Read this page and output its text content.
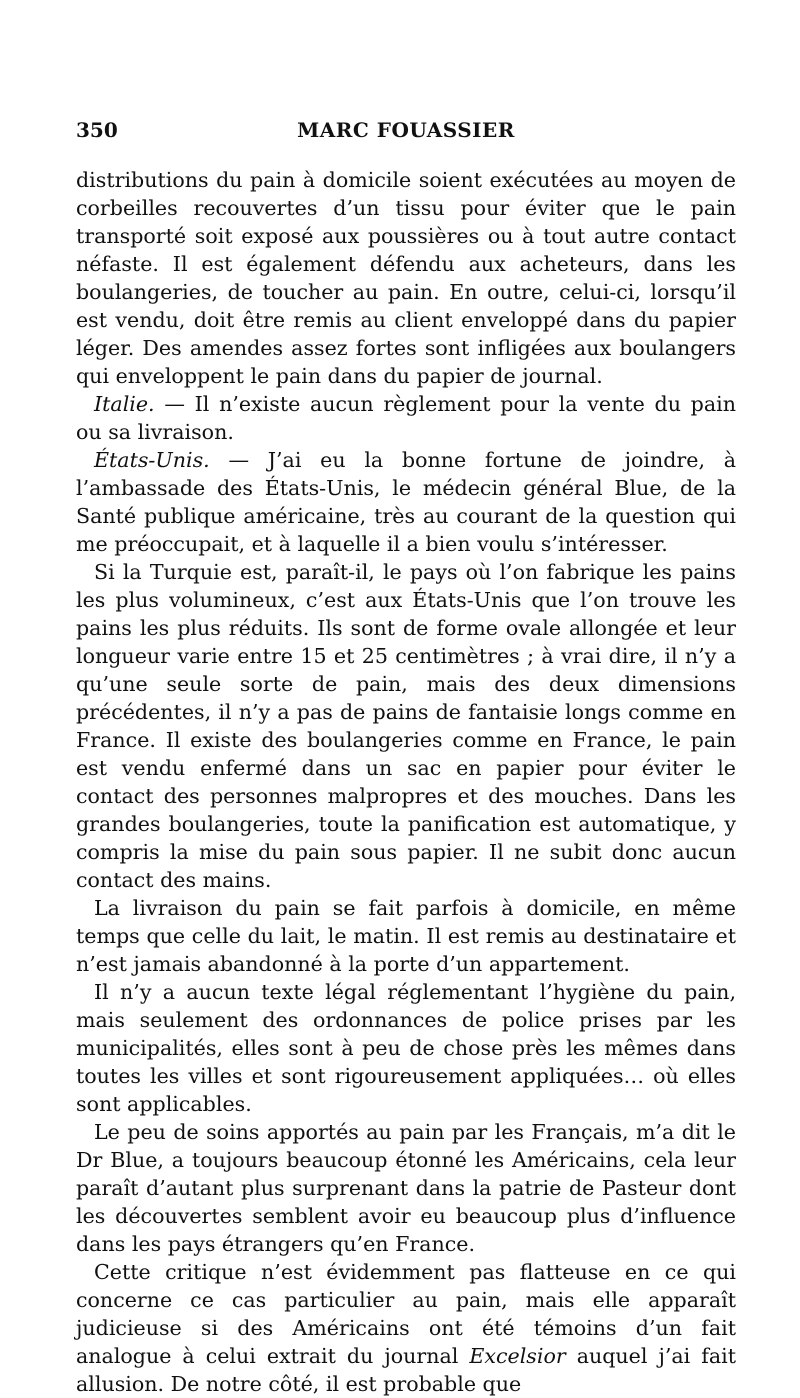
350	MARC FOUASSIER

distributions du pain à domicile soient exécutées au moyen de corbeilles recouvertes d’un tissu pour éviter que le pain transporté soit exposé aux poussières ou à tout autre contact néfaste. Il est également défendu aux acheteurs, dans les boulangeries, de toucher au pain. En outre, celui-ci, lorsqu’il est vendu, doit être remis au client enveloppé dans du papier léger. Des amendes assez fortes sont infligées aux boulangers qui enveloppent le pain dans du papier de journal.

Italie. — Il n’existe aucun règlement pour la vente du pain ou sa livraison.

États-Unis. — J’ai eu la bonne fortune de joindre, à l’ambassade des États-Unis, le médecin général Blue, de la Santé publique américaine, très au courant de la question qui me préoccupait, et à laquelle il a bien voulu s’intéresser.

Si la Turquie est, paraît-il, le pays où l’on fabrique les pains les plus volumineux, c’est aux États-Unis que l’on trouve les pains les plus réduits. Ils sont de forme ovale allongée et leur longueur varie entre 15 et 25 centimètres ; à vrai dire, il n’y a qu’une seule sorte de pain, mais des deux dimensions précédentes, il n’y a pas de pains de fantaisie longs comme en France. Il existe des boulangeries comme en France, le pain est vendu enfermé dans un sac en papier pour éviter le contact des personnes malpropres et des mouches. Dans les grandes boulangeries, toute la panification est automatique, y compris la mise du pain sous papier. Il ne subit donc aucun contact des mains.

La livraison du pain se fait parfois à domicile, en même temps que celle du lait, le matin. Il est remis au destinataire et n’est jamais abandonné à la porte d’un appartement.

Il n’y a aucun texte légal réglementant l’hygiène du pain, mais seulement des ordonnances de police prises par les municipalités, elles sont à peu de chose près les mêmes dans toutes les villes et sont rigoureusement appliquées… où elles sont applicables.

Le peu de soins apportés au pain par les Français, m’a dit le Dr Blue, a toujours beaucoup étonné les Américains, cela leur paraît d’autant plus surprenant dans la patrie de Pasteur dont les découvertes semblent avoir eu beaucoup plus d’influence dans les pays étrangers qu’en France.

Cette critique n’est évidemment pas flatteuse en ce qui concerne ce cas particulier au pain, mais elle apparaît judicieuse si des Américains ont été témoins d’un fait analogue à celui extrait du journal Excelsior auquel j’ai fait allusion. De notre côté, il est probable que
